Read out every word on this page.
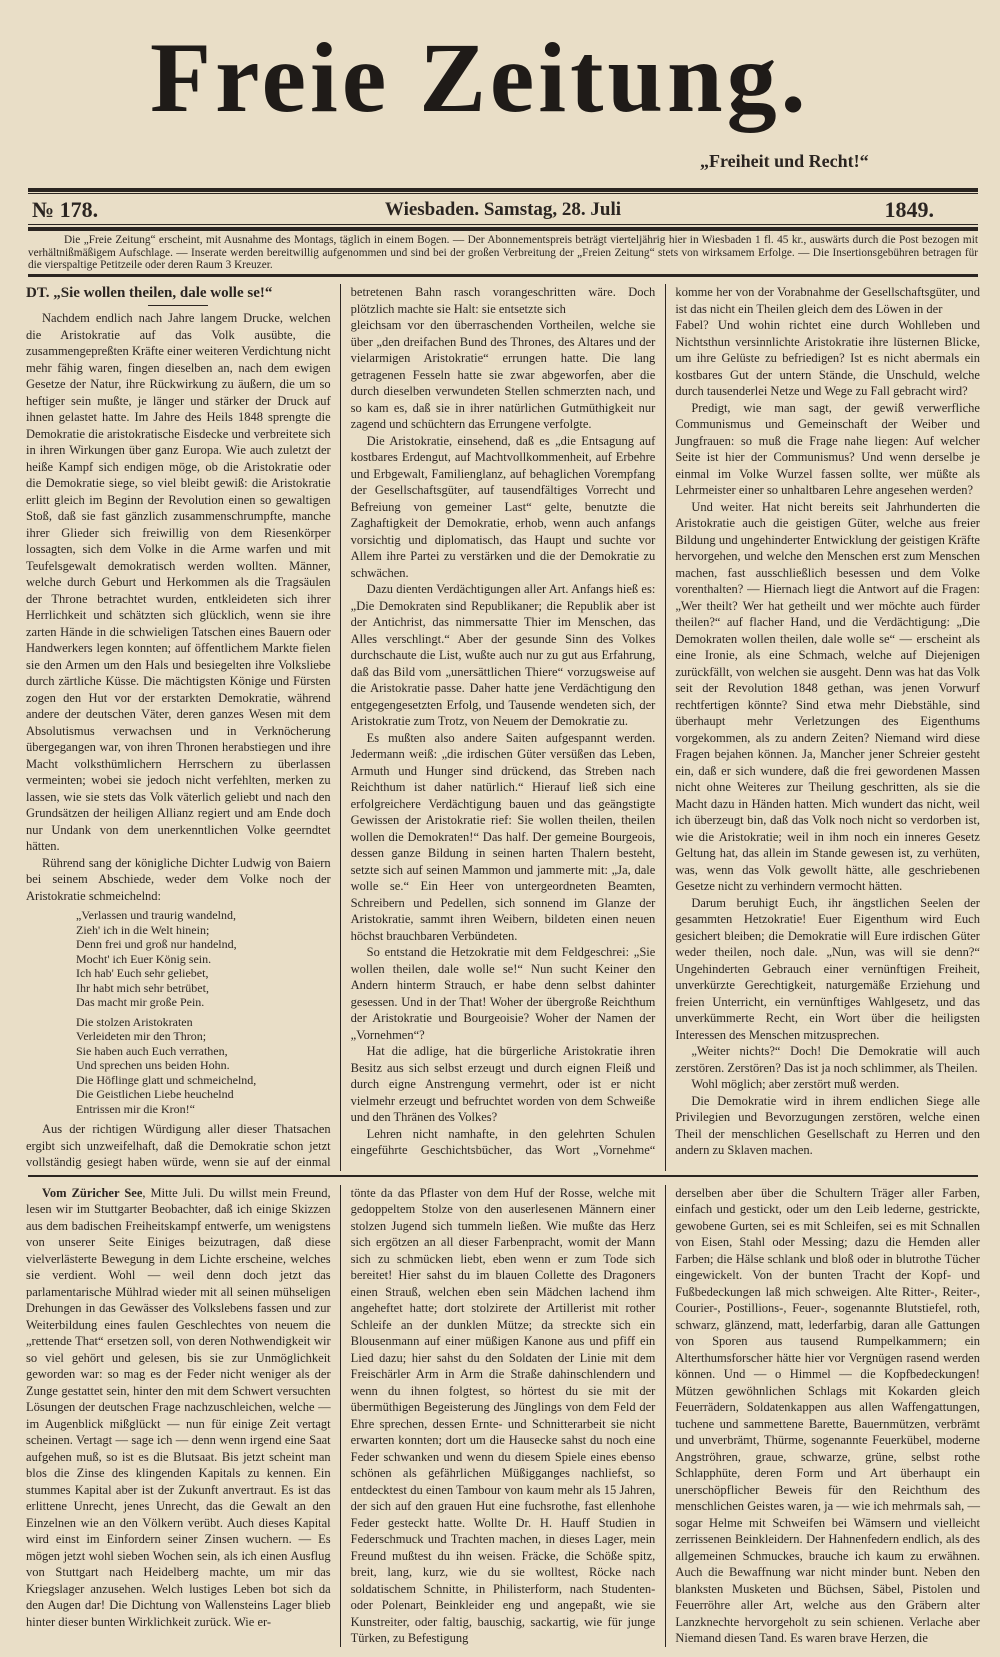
Freie Zeitung.
„Freiheit und Recht!“
№ 178.	Wiesbaden. Samstag, 28. Juli	1849.
Die „Freie Zeitung“ erscheint, mit Ausnahme des Montags, täglich in einem Bogen. — Der Abonnementspreis beträgt vierteljährig hier in Wiesbaden 1 fl. 45 kr., auswärts durch die Post bezogen mit verhältnißmäßigem Aufschlage. — Inserate werden bereitwillig aufgenommen und sind bei der großen Verbreitung der „Freien Zeitung“ stets von wirksamem Erfolge. — Die Insertionsgebühren betragen für die vierspaltige Petitzeile oder deren Raum 3 Kreuzer.

DT. „Sie wollen theilen, dale wolle se!“

Nachdem endlich nach Jahre langem Drucke, welchen die Aristokratie auf das Volk ausübte, die zusammengepreßten Kräfte einer weiteren Verdichtung nicht mehr fähig waren, fingen dieselben an, nach dem ewigen Gesetze der Natur, ihre Rückwirkung zu äußern, die um so heftiger sein mußte, je länger und stärker der Druck auf ihnen gelastet hatte. Im Jahre des Heils 1848 sprengte die Demokratie die aristokratische Eisdecke und verbreitete sich in ihren Wirkungen über ganz Europa. Wie auch zuletzt der heiße Kampf sich endigen möge, ob die Aristokratie oder die Demokratie siege, so viel bleibt gewiß: die Aristokratie erlitt gleich im Beginn der Revolution einen so gewaltigen Stoß, daß sie fast gänzlich zusammenschrumpfte, manche ihrer Glieder sich freiwillig von dem Riesenkörper lossagten, sich dem Volke in die Arme warfen und mit Teufelsgewalt demokratisch werden wollten. Männer, welche durch Geburt und Herkommen als die Tragsäulen der Throne betrachtet wurden, entkleideten sich ihrer Herrlichkeit und schätzten sich glücklich, wenn sie ihre zarten Hände in die schwieligen Tatschen eines Bauern oder Handwerkers legen konnten; auf öffentlichem Markte fielen sie den Armen um den Hals und besiegelten ihre Volksliebe durch zärtliche Küsse. Die mächtigsten Könige und Fürsten zogen den Hut vor der erstarkten Demokratie, während andere der deutschen Väter, deren ganzes Wesen mit dem Absolutismus verwachsen und in Verknöcherung übergegangen war, von ihren Thronen herabstiegen und ihre Macht volksthümlichern Herrschern zu überlassen vermeinten; wobei sie jedoch nicht verfehlten, merken zu lassen, wie sie stets das Volk väterlich geliebt und nach den Grundsätzen der heiligen Allianz regiert und am Ende doch nur Undank von dem unerkenntlichen Volke geerndtet hätten.

Rührend sang der königliche Dichter Ludwig von Baiern bei seinem Abschiede, weder dem Volke noch der Aristokratie schmeichelnd:

„Verlassen und traurig wandelnd,
Zieh' ich in die Welt hinein;
Denn frei und groß nur handelnd,
Mocht' ich Euer König sein.
Ich hab' Euch sehr geliebet,
Ihr habt mich sehr betrübet,
Das macht mir große Pein.
Die stolzen Aristokraten
Verleideten mir den Thron;
Sie haben auch Euch verrathen,
Und sprechen uns beiden Hohn.
Die Höflinge glatt und schmeichelnd,
Die Geistlichen Liebe heuchelnd
Entrissen mir die Kron!“

Aus der richtigen Würdigung aller dieser Thatsachen ergibt sich unzweifelhaft, daß die Demokratie schon jetzt vollständig gesiegt haben würde, wenn sie auf der einmal betretenen Bahn rasch vorangeschritten wäre. Doch plötzlich machte sie Halt: sie entsetzte sich

gleichsam vor den überraschenden Vortheilen, welche sie über „den dreifachen Bund des Thrones, des Altares und der vielarmigen Aristokratie“ errungen hatte. Die lang getragenen Fesseln hatte sie zwar abgeworfen, aber die durch dieselben verwundeten Stellen schmerzten nach, und so kam es, daß sie in ihrer natürlichen Gutmüthigkeit nur zagend und schüchtern das Errungene verfolgte.

Die Aristokratie, einsehend, daß es „die Entsagung auf kostbares Erdengut, auf Machtvollkommenheit, auf Erbehre und Erbgewalt, Familienglanz, auf behaglichen Vorempfang der Gesellschaftsgüter, auf tausendfältiges Vorrecht und Befreiung von gemeiner Last“ gelte, benutzte die Zaghaftigkeit der Demokratie, erhob, wenn auch anfangs vorsichtig und diplomatisch, das Haupt und suchte vor Allem ihre Partei zu verstärken und die der Demokratie zu schwächen.

Dazu dienten Verdächtigungen aller Art. Anfangs hieß es: „Die Demokraten sind Republikaner; die Republik aber ist der Antichrist, das nimmersatte Thier im Menschen, das Alles verschlingt.“ Aber der gesunde Sinn des Volkes durchschaute die List, wußte auch nur zu gut aus Erfahrung, daß das Bild vom „unersättlichen Thiere“ vorzugsweise auf die Aristokratie passe. Daher hatte jene Verdächtigung den entgegengesetzten Erfolg, und Tausende wendeten sich, der Aristokratie zum Trotz, von Neuem der Demokratie zu.

Es mußten also andere Saiten aufgespannt werden. Jedermann weiß: „die irdischen Güter versüßen das Leben, Armuth und Hunger sind drückend, das Streben nach Reichthum ist daher natürlich.“ Hierauf ließ sich eine erfolgreichere Verdächtigung bauen und das geängstigte Gewissen der Aristokratie rief: Sie wollen theilen, theilen wollen die Demokraten!“ Das half. Der gemeine Bourgeois, dessen ganze Bildung in seinen harten Thalern besteht, setzte sich auf seinen Mammon und jammerte mit: „Ja, dale wolle se.“ Ein Heer von untergeordneten Beamten, Schreibern und Pedellen, sich sonnend im Glanze der Aristokratie, sammt ihren Weibern, bildeten einen neuen höchst brauchbaren Verbündeten.

So entstand die Hetzokratie mit dem Feldgeschrei: „Sie wollen theilen, dale wolle se!“ Nun sucht Keiner den Andern hinterm Strauch, er habe denn selbst dahinter gesessen. Und in der That! Woher der übergroße Reichthum der Aristokratie und Bourgeoisie? Woher der Namen der „Vornehmen“?

Hat die adlige, hat die bürgerliche Aristokratie ihren Besitz aus sich selbst erzeugt und durch eignen Fleiß und durch eigne Anstrengung vermehrt, oder ist er nicht vielmehr erzeugt und befruchtet worden von dem Schweiße und den Thränen des Volkes?

Lehren nicht namhafte, in den gelehrten Schulen eingeführte Geschichtsbücher, das Wort „Vornehme“ komme her von der Vorabnahme der Gesellschaftsgüter, und ist das nicht ein Theilen gleich dem des Löwen in der

Fabel? Und wohin richtet eine durch Wohlleben und Nichtsthun versinnlichte Aristokratie ihre lüsternen Blicke, um ihre Gelüste zu befriedigen? Ist es nicht abermals ein kostbares Gut der untern Stände, die Unschuld, welche durch tausenderlei Netze und Wege zu Fall gebracht wird?

Predigt, wie man sagt, der gewiß verwerfliche Communismus und Gemeinschaft der Weiber und Jungfrauen: so muß die Frage nahe liegen: Auf welcher Seite ist hier der Communismus? Und wenn derselbe je einmal im Volke Wurzel fassen sollte, wer müßte als Lehrmeister einer so unhaltbaren Lehre angesehen werden?

Und weiter. Hat nicht bereits seit Jahrhunderten die Aristokratie auch die geistigen Güter, welche aus freier Bildung und ungehinderter Entwicklung der geistigen Kräfte hervorgehen, und welche den Menschen erst zum Menschen machen, fast ausschließlich besessen und dem Volke vorenthalten? — Hiernach liegt die Antwort auf die Fragen: „Wer theilt? Wer hat getheilt und wer möchte auch fürder theilen?“ auf flacher Hand, und die Verdächtigung: „Die Demokraten wollen theilen, dale wolle se“ — erscheint als eine Ironie, als eine Schmach, welche auf Diejenigen zurückfällt, von welchen sie ausgeht. Denn was hat das Volk seit der Revolution 1848 gethan, was jenen Vorwurf rechtfertigen könnte? Sind etwa mehr Diebstähle, sind überhaupt mehr Verletzungen des Eigenthums vorgekommen, als zu andern Zeiten? Niemand wird diese Fragen bejahen können. Ja, Mancher jener Schreier gesteht ein, daß er sich wundere, daß die frei gewordenen Massen nicht ohne Weiteres zur Theilung geschritten, als sie die Macht dazu in Händen hatten. Mich wundert das nicht, weil ich überzeugt bin, daß das Volk noch nicht so verdorben ist, wie die Aristokratie; weil in ihm noch ein inneres Gesetz Geltung hat, das allein im Stande gewesen ist, zu verhüten, was, wenn das Volk gewollt hätte, alle geschriebenen Gesetze nicht zu verhindern vermocht hätten.

Darum beruhigt Euch, ihr ängstlichen Seelen der gesammten Hetzokratie! Euer Eigenthum wird Euch gesichert bleiben; die Demokratie will Eure irdischen Güter weder theilen, noch dale. „Nun, was will sie denn?“ Ungehinderten Gebrauch einer vernünftigen Freiheit, unverkürzte Gerechtigkeit, naturgemäße Erziehung und freien Unterricht, ein vernünftiges Wahlgesetz, und das unverkümmerte Recht, ein Wort über die heiligsten Interessen des Menschen mitzusprechen.

„Weiter nichts?“ Doch! Die Demokratie will auch zerstören. Zerstören? Das ist ja noch schlimmer, als Theilen.

Wohl möglich; aber zerstört muß werden.

Die Demokratie wird in ihrem endlichen Siege alle Privilegien und Bevorzugungen zerstören, welche einen Theil der menschlichen Gesellschaft zu Herren und den andern zu Sklaven machen.

Vom Züricher See, Mitte Juli. Du willst mein Freund, lesen wir im Stuttgarter Beobachter, daß ich einige Skizzen aus dem badischen Freiheitskampf entwerfe, um wenigstens von unserer Seite Einiges beizutragen, daß diese vielverlästerte Bewegung in dem Lichte erscheine, welches sie verdient. Wohl — weil denn doch jetzt das parlamentarische Mühlrad wieder mit all seinen mühseligen Drehungen in das Gewässer des Volkslebens fassen und zur Weiterbildung eines faulen Geschlechtes von neuem die „rettende That“ ersetzen soll, von deren Nothwendigkeit wir so viel gehört und gelesen, bis sie zur Unmöglichkeit geworden war: so mag es der Feder nicht weniger als der Zunge gestattet sein, hinter den mit dem Schwert versuchten Lösungen der deutschen Frage nachzuschleichen, welche — im Augenblick mißglückt — nun für einige Zeit vertagt scheinen. Vertagt — sage ich — denn wenn irgend eine Saat aufgehen muß, so ist es die Blutsaat. Bis jetzt scheint man blos die Zinse des klingenden Kapitals zu kennen. Ein stummes Kapital aber ist der Zukunft anvertraut. Es ist das erlittene Unrecht, jenes Unrecht, das die Gewalt an den Einzelnen wie an den Völkern verübt. Auch dieses Kapital wird einst im Einfordern seiner Zinsen wuchern. — Es mögen jetzt wohl sieben Wochen sein, als ich einen Ausflug von Stuttgart nach Heidelberg machte, um mir das Kriegslager anzusehen. Welch lustiges Leben bot sich da den Augen dar! Die Dichtung von Wallensteins Lager blieb hinter dieser bunten Wirklichkeit zurück. Wie er-

tönte da das Pflaster von dem Huf der Rosse, welche mit gedoppeltem Stolze von den auserlesenen Männern einer stolzen Jugend sich tummeln ließen. Wie mußte das Herz sich ergötzen an all dieser Farbenpracht, womit der Mann sich zu schmücken liebt, eben wenn er zum Tode sich bereitet! Hier sahst du im blauen Collette des Dragoners einen Strauß, welchen eben sein Mädchen lachend ihm angeheftet hatte; dort stolzirete der Artillerist mit rother Schleife an der dunklen Mütze; da streckte sich ein Blousenmann auf einer müßigen Kanone aus und pfiff ein Lied dazu; hier sahst du den Soldaten der Linie mit dem Freischärler Arm in Arm die Straße dahinschlendern und wenn du ihnen folgtest, so hörtest du sie mit der übermüthigen Begeisterung des Jünglings von dem Feld der Ehre sprechen, dessen Ernte- und Schnitterarbeit sie nicht erwarten konnten; dort um die Hausecke sahst du noch eine Feder schwanken und wenn du diesem Spiele eines ebenso schönen als gefährlichen Müßigganges nachliefst, so entdecktest du einen Tambour von kaum mehr als 15 Jahren, der sich auf den grauen Hut eine fuchsrothe, fast ellenhohe Feder gesteckt hatte. Wollte Dr. H. Hauff Studien in Federschmuck und Trachten machen, in dieses Lager, mein Freund mußtest du ihn weisen. Fräcke, die Schöße spitz, breit, lang, kurz, wie du sie wolltest, Röcke nach soldatischem Schnitte, in Philisterform, nach Studenten- oder Polenart, Beinkleider eng und angepaßt, wie sie Kunstreiter, oder faltig, bauschig, sackartig, wie für junge Türken, zu Befestigung

derselben aber über die Schultern Träger aller Farben, einfach und gestickt, oder um den Leib lederne, gestrickte, gewobene Gurten, sei es mit Schleifen, sei es mit Schnallen von Eisen, Stahl oder Messing; dazu die Hemden aller Farben; die Hälse schlank und bloß oder in blutrothe Tücher eingewickelt. Von der bunten Tracht der Kopf- und Fußbedeckungen laß mich schweigen. Alte Ritter-, Reiter-, Courier-, Postillions-, Feuer-, sogenannte Blutstiefel, roth, schwarz, glänzend, matt, lederfarbig, daran alle Gattungen von Sporen aus tausend Rumpelkammern; ein Alterthumsforscher hätte hier vor Vergnügen rasend werden können. Und — o Himmel — die Kopfbedeckungen! Mützen gewöhnlichen Schlags mit Kokarden gleich Feuerrädern, Soldatenkappen aus allen Waffengattungen, tuchene und sammettene Barette, Bauernmützen, verbrämt und unverbrämt, Thürme, sogenannte Feuerkübel, moderne Angströhren, graue, schwarze, grüne, selbst rothe Schlapphüte, deren Form und Art überhaupt ein unerschöpflicher Beweis für den Reichthum des menschlichen Geistes waren, ja — wie ich mehrmals sah, — sogar Helme mit Schweifen bei Wämsern und vielleicht zerrissenen Beinkleidern. Der Hahnenfedern endlich, als des allgemeinen Schmuckes, brauche ich kaum zu erwähnen. Auch die Bewaffnung war nicht minder bunt. Neben den blanksten Musketen und Büchsen, Säbel, Pistolen und Feuerröhre aller Art, welche aus den Gräbern alter Lanzknechte hervorgeholt zu sein schienen. Verlache aber Niemand diesen Tand. Es waren brave Herzen, die
